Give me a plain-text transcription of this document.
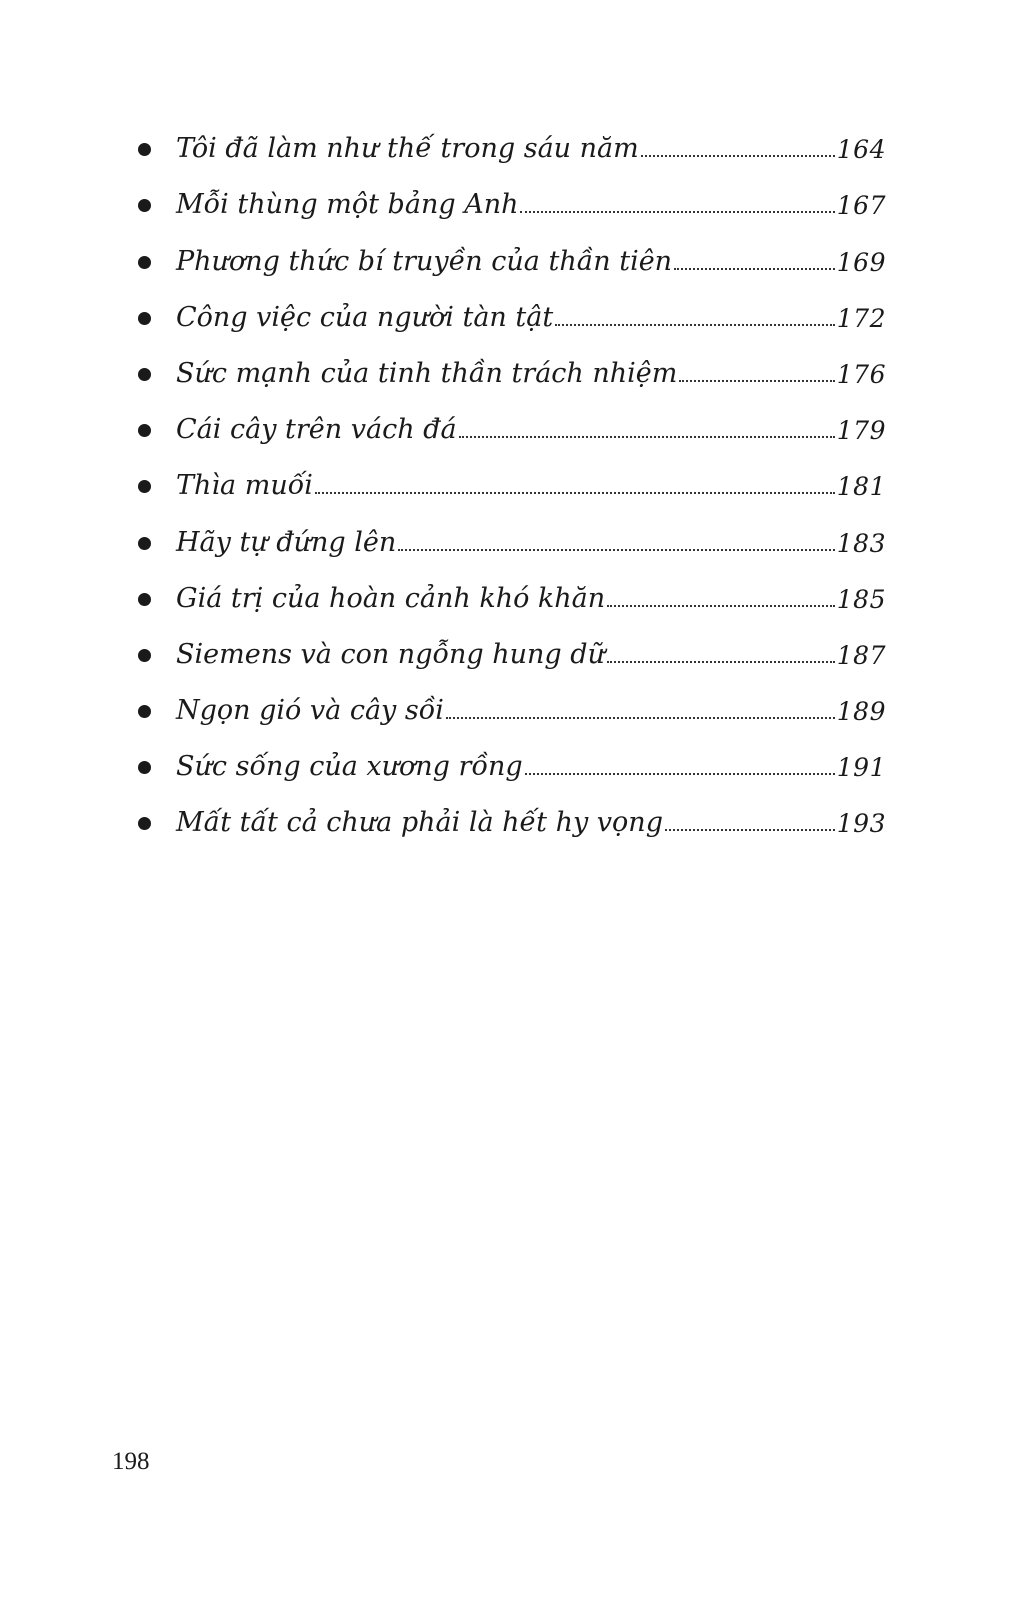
Tôi đã làm như thế trong sáu năm	164
Mỗi thùng một bảng Anh	167
Phương thức bí truyền của thần tiên	169
Công việc của người tàn tật	172
Sức mạnh của tinh thần trách nhiệm	176
Cái cây trên vách đá	179
Thìa muối	181
Hãy tự đứng lên	183
Giá trị của hoàn cảnh khó khăn	185
Siemens và con ngỗng hung dữ	187
Ngọn gió và cây sồi	189
Sức sống của xương rồng	191
Mất tất cả chưa phải là hết hy vọng	193
198
